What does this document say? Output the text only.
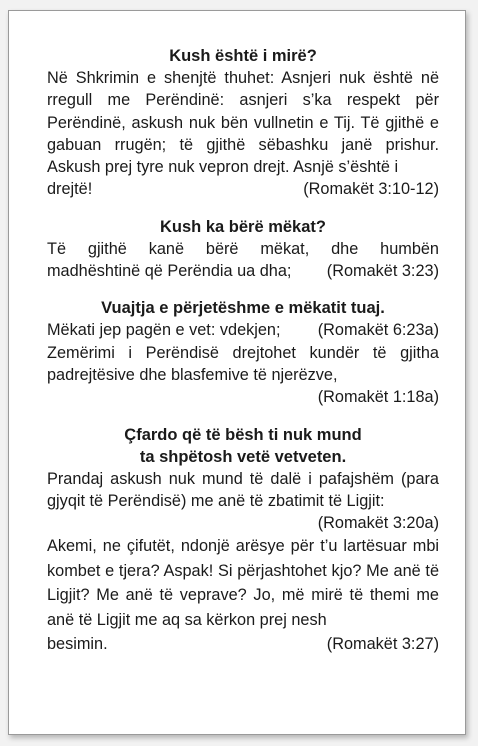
Kush është i mirë?

Në Shkrimin e shenjtë thuhet: Asnjeri nuk është në rregull me Perëndinë: asnjeri s’ka respekt për Perëndinë, askush nuk bën vullnetin e Tij. Të gjithë e gabuan rrugën; të gjithë sëbashku janë prishur. Askush prej tyre nuk vepron drejt. Asnjë s’është i

drejtë!	(Romakët 3:10-12)
Kush ka bërë mëkat?

Të gjithë kanë bërë mëkat, dhe humbën

madhështinë që Perëndia ua dha; (Romakët 3:23)
Vuajtja e përjetëshme e mëkatit tuaj.
Mëkati jep pagën e vet: vdekjen; (Romakët 6:23a)

Zemërimi i Perëndisë drejtohet kundër të gjitha padrejtësive dhe blasfemive të njerëzve,

(Romakët 1:18a)
Çfardo që të bësh ti nuk mund
ta shpëtosh vetë vetveten.

Prandaj askush nuk mund të dalë i pafajshëm (para gjyqit të Perëndisë) me anë të zbatimit të Ligjit:

(Romakët 3:20a)

Akemi, ne çifutët, ndonjë arësye për t’u lartësuar mbi kombet e tjera? Aspak! Si përjashtohet kjo? Me anë të Ligjit? Me anë të veprave? Jo, më mirë të themi me anë të Ligjit me aq sa kërkon prej nesh

besimin.	(Romakët 3:27)
